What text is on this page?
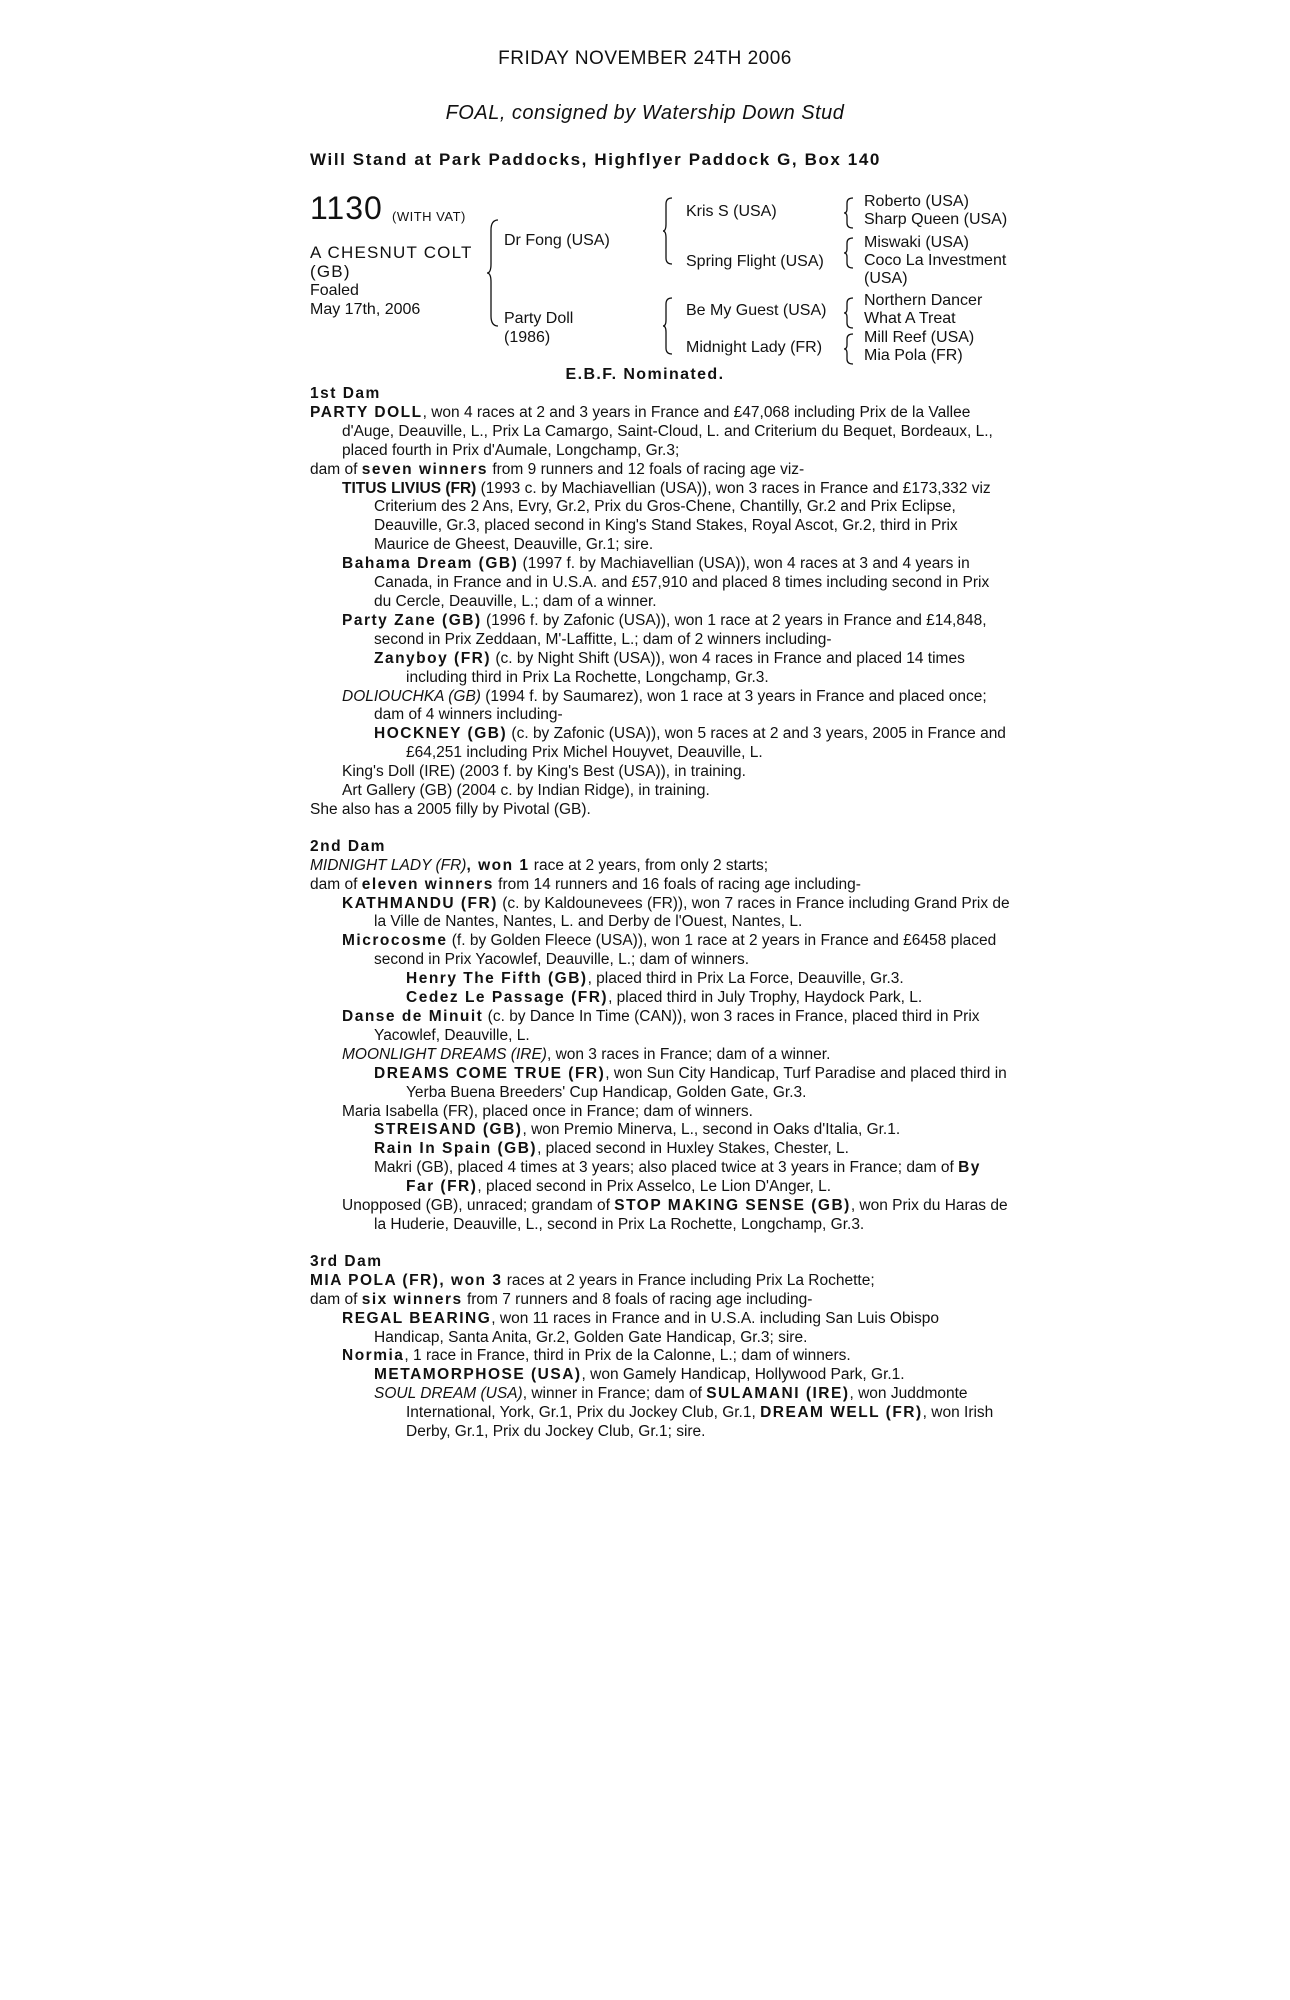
FRIDAY NOVEMBER 24TH 2006
FOAL, consigned by Watership Down Stud
Will Stand at Park Paddocks, Highflyer Paddock G, Box 140
1130 (WITH VAT)
A CHESNUT COLT
(GB)
Foaled
May 17th, 2006
Dr Fong (USA)
Party Doll
(1986)
Kris S (USA)
Spring Flight (USA)
Be My Guest (USA)
Midnight Lady (FR)
Roberto (USA)
Sharp Queen (USA)
Miswaki (USA)
Coco La Investment
(USA)
Northern Dancer
What A Treat
Mill Reef (USA)
Mia Pola (FR)
E.B.F. Nominated.

1st Dam

PARTY DOLL, won 4 races at 2 and 3 years in France and £47,068 including Prix de la Vallee d'Auge, Deauville, L., Prix La Camargo, Saint-Cloud, L. and Criterium du Bequet, Bordeaux, L., placed fourth in Prix d'Aumale, Longchamp, Gr.3;

dam of seven winners from 9 runners and 12 foals of racing age viz-

TITUS LIVIUS (FR) (1993 c. by Machiavellian (USA)), won 3 races in France and £173,332 viz Criterium des 2 Ans, Evry, Gr.2, Prix du Gros-Chene, Chantilly, Gr.2 and Prix Eclipse, Deauville, Gr.3, placed second in King's Stand Stakes, Royal Ascot, Gr.2, third in Prix Maurice de Gheest, Deauville, Gr.1; sire.

Bahama Dream (GB) (1997 f. by Machiavellian (USA)), won 4 races at 3 and 4 years in Canada, in France and in U.S.A. and £57,910 and placed 8 times including second in Prix du Cercle, Deauville, L.; dam of a winner.

Party Zane (GB) (1996 f. by Zafonic (USA)), won 1 race at 2 years in France and £14,848, second in Prix Zeddaan, M'-Laffitte, L.; dam of 2 winners including-

Zanyboy (FR) (c. by Night Shift (USA)), won 4 races in France and placed 14 times including third in Prix La Rochette, Longchamp, Gr.3.

DOLIOUCHKA (GB) (1994 f. by Saumarez), won 1 race at 3 years in France and placed once; dam of 4 winners including-

HOCKNEY (GB) (c. by Zafonic (USA)), won 5 races at 2 and 3 years, 2005 in France and £64,251 including Prix Michel Houyvet, Deauville, L.

King's Doll (IRE) (2003 f. by King's Best (USA)), in training.

Art Gallery (GB) (2004 c. by Indian Ridge), in training.

She also has a 2005 filly by Pivotal (GB).

2nd Dam

MIDNIGHT LADY (FR), won 1 race at 2 years, from only 2 starts;

dam of eleven winners from 14 runners and 16 foals of racing age including-

KATHMANDU (FR) (c. by Kaldounevees (FR)), won 7 races in France including Grand Prix de la Ville de Nantes, Nantes, L. and Derby de l'Ouest, Nantes, L.

Microcosme (f. by Golden Fleece (USA)), won 1 race at 2 years in France and £6458 placed second in Prix Yacowlef, Deauville, L.; dam of winners.

Henry The Fifth (GB), placed third in Prix La Force, Deauville, Gr.3.

Cedez Le Passage (FR), placed third in July Trophy, Haydock Park, L.

Danse de Minuit (c. by Dance In Time (CAN)), won 3 races in France, placed third in Prix Yacowlef, Deauville, L.

MOONLIGHT DREAMS (IRE), won 3 races in France; dam of a winner.

DREAMS COME TRUE (FR), won Sun City Handicap, Turf Paradise and placed third in Yerba Buena Breeders' Cup Handicap, Golden Gate, Gr.3.

Maria Isabella (FR), placed once in France; dam of winners.

STREISAND (GB), won Premio Minerva, L., second in Oaks d'Italia, Gr.1.

Rain In Spain (GB), placed second in Huxley Stakes, Chester, L.

Makri (GB), placed 4 times at 3 years; also placed twice at 3 years in France; dam of By Far (FR), placed second in Prix Asselco, Le Lion D'Anger, L.

Unopposed (GB), unraced; grandam of STOP MAKING SENSE (GB), won Prix du Haras de la Huderie, Deauville, L., second in Prix La Rochette, Longchamp, Gr.3.

3rd Dam

MIA POLA (FR), won 3 races at 2 years in France including Prix La Rochette;

dam of six winners from 7 runners and 8 foals of racing age including-

REGAL BEARING, won 11 races in France and in U.S.A. including San Luis Obispo Handicap, Santa Anita, Gr.2, Golden Gate Handicap, Gr.3; sire.

Normia, 1 race in France, third in Prix de la Calonne, L.; dam of winners.

METAMORPHOSE (USA), won Gamely Handicap, Hollywood Park, Gr.1.

SOUL DREAM (USA), winner in France; dam of SULAMANI (IRE), won Juddmonte International, York, Gr.1, Prix du Jockey Club, Gr.1, DREAM WELL (FR), won Irish Derby, Gr.1, Prix du Jockey Club, Gr.1; sire.
